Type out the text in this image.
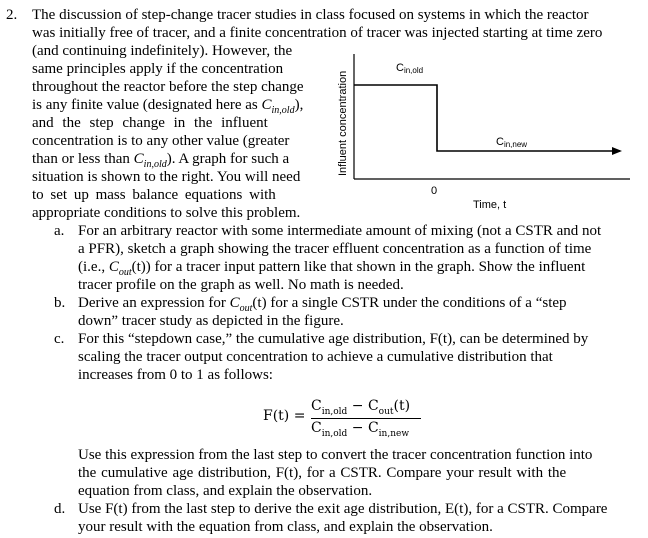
2. The discussion of step-change tracer studies in class focused on systems in which the reactor
was initially free of tracer, and a finite concentration of tracer was injected starting at time zero
(and continuing indefinitely). However, the
same principles apply if the concentration
throughout the reactor before the step change
is any finite value (designated here as $C_{in,old}$),
and the step change in the influent
concentration is to any other value (greater
than or less than $C_{in,old}$). A graph for such a
situation is shown to the right. You will need
to set up mass balance equations with
appropriate conditions to solve this problem.
Influent concentration
Cin,old
Cin,new
0
Time, t
a. For an arbitrary reactor with some intermediate amount of mixing (not a CSTR and not
a PFR), sketch a graph showing the tracer effluent concentration as a function of time
(i.e., $C_{out}(t)$) for a tracer input pattern like that shown in the graph. Show the influent
tracer profile on the graph as well. No math is needed.
b. Derive an expression for $C_{out}(t)$ for a single CSTR under the conditions of a “step
down” tracer study as depicted in the figure.
c. For this “stepdown case,” the cumulative age distribution, F(t), can be determined by
scaling the tracer output concentration to achieve a cumulative distribution that
increases from 0 to 1 as follows:
F(t) =
$C_{in,old} - C_{out}(t)$
$C_{in,old} - C_{in,new}$
Use this expression from the last step to convert the tracer concentration function into
the cumulative age distribution, F(t), for a CSTR. Compare your result with the
equation from class, and explain the observation.
d. Use F(t) from the last step to derive the exit age distribution, E(t), for a CSTR. Compare
your result with the equation from class, and explain the observation.
